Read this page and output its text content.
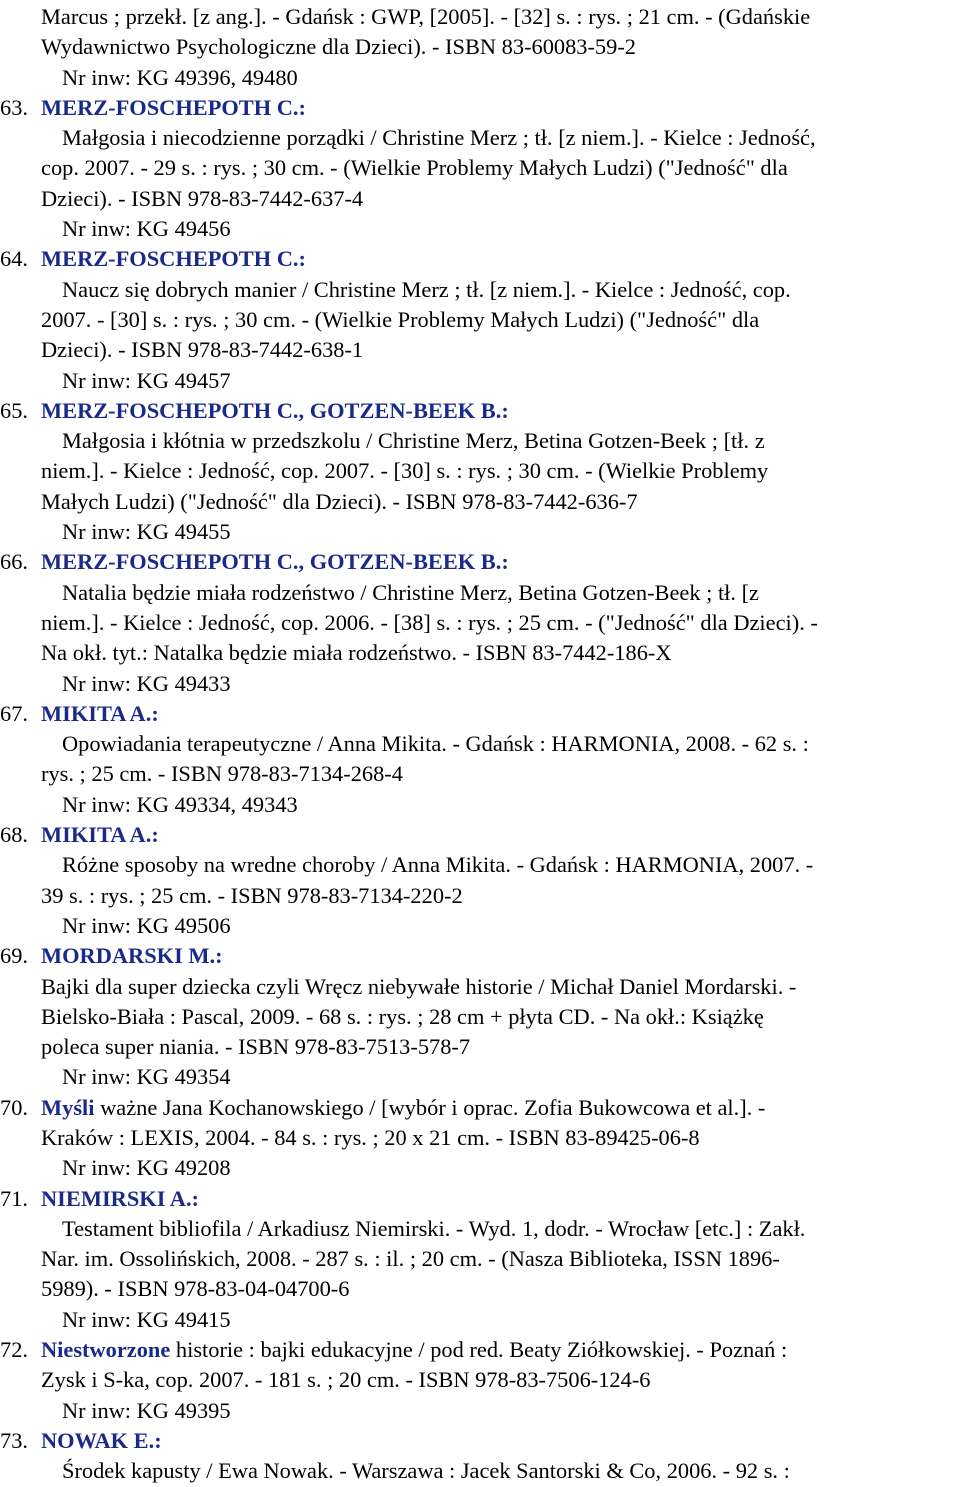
Marcus ; przekł. [z ang.]. - Gdańsk : GWP, [2005]. - [32] s. : rys. ; 21 cm. - (Gdańskie
Wydawnictwo Psychologiczne dla Dzieci). - ISBN 83-60083-59-2
Nr inw: KG 49396, 49480
63. MERZ-FOSCHEPOTH C.:
Małgosia i niecodzienne porządki / Christine Merz ; tł. [z niem.]. - Kielce : Jedność,
cop. 2007. - 29 s. : rys. ; 30 cm. - (Wielkie Problemy Małych Ludzi) ("Jedność" dla
Dzieci). - ISBN 978-83-7442-637-4
Nr inw: KG 49456
64. MERZ-FOSCHEPOTH C.:
Naucz się dobrych manier / Christine Merz ; tł. [z niem.]. - Kielce : Jedność, cop.
2007. - [30] s. : rys. ; 30 cm. - (Wielkie Problemy Małych Ludzi) ("Jedność" dla
Dzieci). - ISBN 978-83-7442-638-1
Nr inw: KG 49457
65. MERZ-FOSCHEPOTH C., GOTZEN-BEEK B.:
Małgosia i kłótnia w przedszkolu / Christine Merz, Betina Gotzen-Beek ; [tł. z
niem.]. - Kielce : Jedność, cop. 2007. - [30] s. : rys. ; 30 cm. - (Wielkie Problemy
Małych Ludzi) ("Jedność" dla Dzieci). - ISBN 978-83-7442-636-7
Nr inw: KG 49455
66. MERZ-FOSCHEPOTH C., GOTZEN-BEEK B.:
Natalia będzie miała rodzeństwo / Christine Merz, Betina Gotzen-Beek ; tł. [z
niem.]. - Kielce : Jedność, cop. 2006. - [38] s. : rys. ; 25 cm. - ("Jedność" dla Dzieci). -
Na okł. tyt.: Natalka będzie miała rodzeństwo. - ISBN 83-7442-186-X
Nr inw: KG 49433
67. MIKITA A.:
Opowiadania terapeutyczne / Anna Mikita. - Gdańsk : HARMONIA, 2008. - 62 s. :
rys. ; 25 cm. - ISBN 978-83-7134-268-4
Nr inw: KG 49334, 49343
68. MIKITA A.:
Różne sposoby na wredne choroby / Anna Mikita. - Gdańsk : HARMONIA, 2007. -
39 s. : rys. ; 25 cm. - ISBN 978-83-7134-220-2
Nr inw: KG 49506
69. MORDARSKI M.:
Bajki dla super dziecka czyli Wręcz niebywałe historie / Michał Daniel Mordarski. -
Bielsko-Biała : Pascal, 2009. - 68 s. : rys. ; 28 cm + płyta CD. - Na okł.: Książkę
poleca super niania. - ISBN 978-83-7513-578-7
Nr inw: KG 49354
70. Myśli ważne Jana Kochanowskiego / [wybór i oprac. Zofia Bukowcowa et al.]. -
Kraków : LEXIS, 2004. - 84 s. : rys. ; 20 x 21 cm. - ISBN 83-89425-06-8
Nr inw: KG 49208
71. NIEMIRSKI A.:
Testament bibliofila / Arkadiusz Niemirski. - Wyd. 1, dodr. - Wrocław [etc.] : Zakł.
Nar. im. Ossolińskich, 2008. - 287 s. : il. ; 20 cm. - (Nasza Biblioteka, ISSN 1896-
5989). - ISBN 978-83-04-04700-6
Nr inw: KG 49415
72. Niestworzone historie : bajki edukacyjne / pod red. Beaty Ziółkowskiej. - Poznań :
Zysk i S-ka, cop. 2007. - 181 s. ; 20 cm. - ISBN 978-83-7506-124-6
Nr inw: KG 49395
73. NOWAK E.:
Środek kapusty / Ewa Nowak. - Warszawa : Jacek Santorski & Co, 2006. - 92 s. :
